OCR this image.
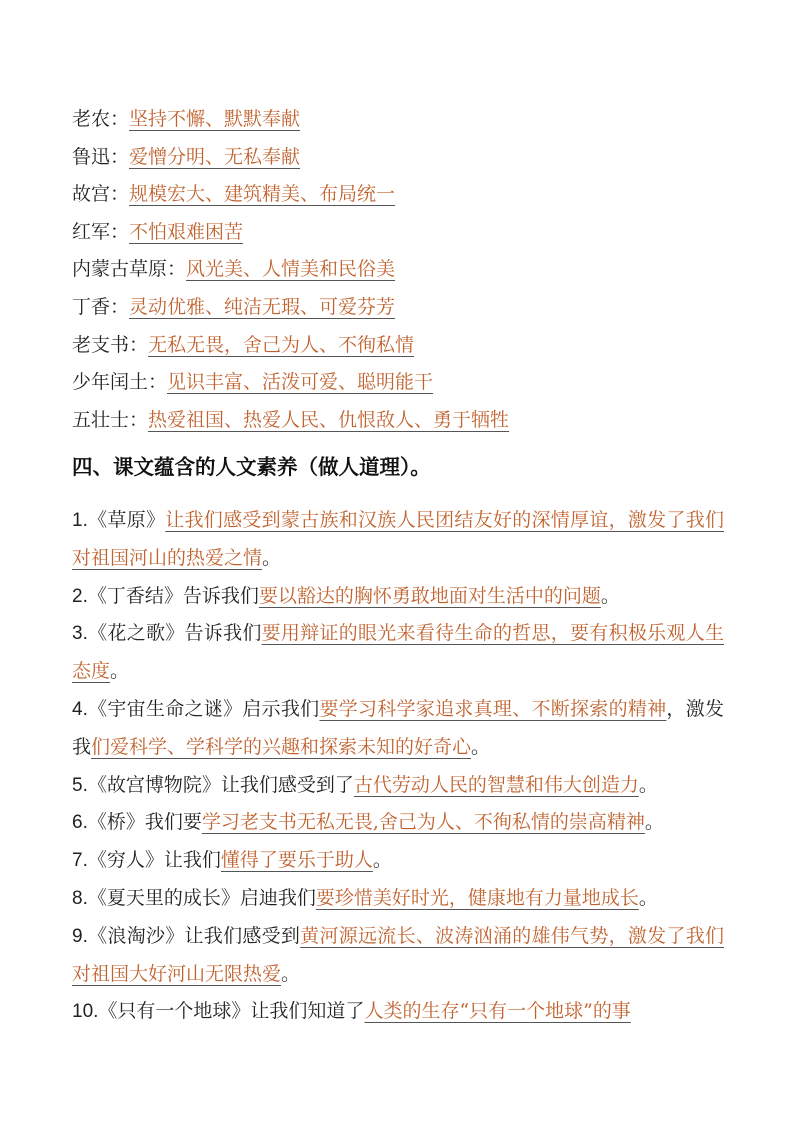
老农：坚持不懈、默默奉献
鲁迅：爱憎分明、无私奉献
故宫：规模宏大、建筑精美、布局统一
红军：不怕艰难困苦
内蒙古草原：风光美、人情美和民俗美
丁香：灵动优雅、纯洁无瑕、可爱芬芳
老支书：无私无畏，舍己为人、不徇私情
少年闰土：见识丰富、活泼可爱、聪明能干
五壮士：热爱祖国、热爱人民、仇恨敌人、勇于牺牲
四、课文蕴含的人文素养（做人道理）。
1.《草原》让我们感受到蒙古族和汉族人民团结友好的深情厚谊，激发了我们对祖国河山的热爱之情。
2.《丁香结》告诉我们要以豁达的胸怀勇敢地面对生活中的问题。
3.《花之歌》告诉我们要用辩证的眼光来看待生命的哲思，要有积极乐观人生态度。
4.《宇宙生命之谜》启示我们要学习科学家追求真理、不断探索的精神，激发我们爱科学、学科学的兴趣和探索未知的好奇心。
5.《故宫博物院》让我们感受到了古代劳动人民的智慧和伟大创造力。
6.《桥》我们要学习老支书无私无畏,舍己为人、不徇私情的崇高精神。
7.《穷人》让我们懂得了要乐于助人。
8.《夏天里的成长》启迪我们要珍惜美好时光，健康地有力量地成长。
9.《浪淘沙》让我们感受到黄河源远流长、波涛汹涌的雄伟气势，激发了我们对祖国大好河山无限热爱。
10.《只有一个地球》让我们知道了人类的生存“只有一个地球”的事
